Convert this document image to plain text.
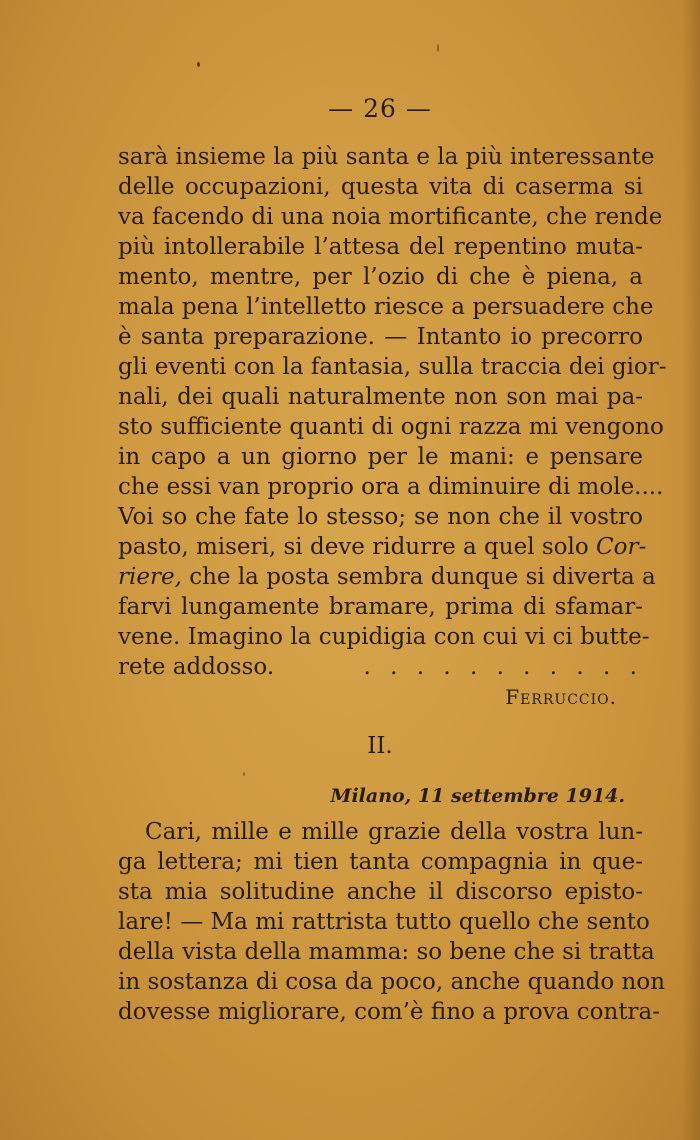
— 26 —
sarà insieme la più santa e la più interessante
delle occupazioni, questa vita di caserma si
va facendo di una noia mortificante, che rende
più intollerabile l’attesa del repentino muta-
mento, mentre, per l’ozio di che è piena, a
mala pena l’intelletto riesce a persuadere che
è santa preparazione. — Intanto io precorro
gli eventi con la fantasia, sulla traccia dei gior-
nali, dei quali naturalmente non son mai pa-
sto sufficiente quanti di ogni razza mi vengono
in capo a un giorno per le mani: e pensare
che essi van proprio ora a diminuire di mole....
Voi so che fate lo stesso; se non che il vostro
pasto, miseri, si deve ridurre a quel solo Cor-
riere, che la posta sembra dunque si diverta a
farvi lungamente bramare, prima di sfamar-
vene. Imagino la cupidigia con cui vi ci butte-
rete addosso.	. . . . . . . . . . .
Ferruccio.
II.
Milano, 11 settembre 1914.
Cari, mille e mille grazie della vostra lun-
ga lettera; mi tien tanta compagnia in que-
sta mia solitudine anche il discorso episto-
lare! — Ma mi rattrista tutto quello che sento
della vista della mamma: so bene che si tratta
in sostanza di cosa da poco, anche quando non
dovesse migliorare, com’è fino a prova contra-
